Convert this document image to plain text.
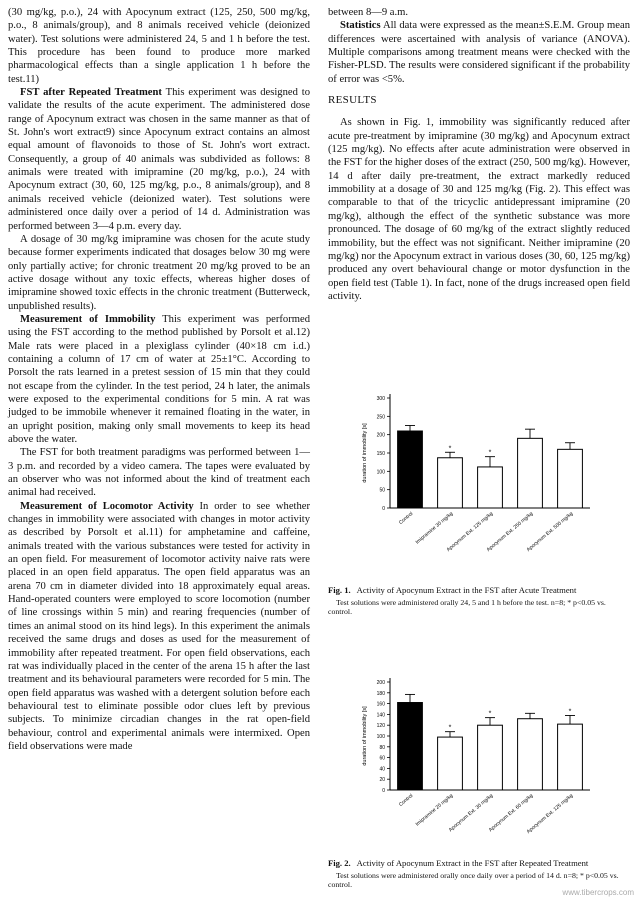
(30 mg/kg, p.o.), 24 with Apocynum extract (125, 250, 500 mg/kg, p.o., 8 animals/group), and 8 animals received vehicle (deionized water). Test solutions were administered 24, 5 and 1 h before the test. This procedure has been found to produce more marked pharmacological effects than a single application 1 h before the test.11)

FST after Repeated Treatment This experiment was designed to validate the results of the acute experiment. The administered dose range of Apocynum extract was chosen in the same manner as that of St. John's wort extract9) since Apocynum extract contains an almost equal amount of flavonoids to those of St. John's wort extract. Consequently, a group of 40 animals was subdivided as follows: 8 animals were treated with imipramine (20 mg/kg, p.o.), 24 with Apocynum extract (30, 60, 125 mg/kg, p.o., 8 animals/group), and 8 animals received vehicle (deionized water). Test solutions were administered once daily over a period of 14 d. Administration was performed between 3—4 p.m. every day.

A dosage of 30 mg/kg imipramine was chosen for the acute study because former experiments indicated that dosages below 30 mg were only partially active; for chronic treatment 20 mg/kg proved to be an active dosage without any toxic effects, whereas higher doses of imipramine showed toxic effects in the chronic treatment (Butterweck, unpublished results).

Measurement of Immobility This experiment was performed using the FST according to the method published by Porsolt et al.12) Male rats were placed in a plexiglass cylinder (40×18 cm i.d.) containing a column of 17 cm of water at 25±1°C. According to Porsolt the rats learned in a pretest session of 15 min that they could not escape from the cylinder. In the test period, 24 h later, the animals were exposed to the experimental conditions for 5 min. A rat was judged to be immobile whenever it remained floating in the water, in an upright position, making only small movements to keep its head above the water.

The FST for both treatment paradigms was performed between 1—3 p.m. and recorded by a video camera. The tapes were evaluated by an observer who was not informed about the kind of treatment each animal had received.

Measurement of Locomotor Activity In order to see whether changes in immobility were associated with changes in motor activity as described by Porsolt et al.11) for amphetamine and caffeine, animals treated with the various substances were tested for activity in an open field. For measurement of locomotor activity naive rats were placed in an open field apparatus. The open field apparatus was an arena 70 cm in diameter divided into 18 approximately equal areas. Hand-operated counters were employed to score locomotion (number of line crossings within 5 min) and rearing frequencies (number of times an animal stood on its hind legs). In this experiment the animals received the same drugs and doses as used for the measurement of immobility after repeated treatment. For open field observations, each rat was individually placed in the center of the arena 15 h after the last treatment and its behavioural parameters were recorded for 5 min. The open field apparatus was washed with a detergent solution before each behavioural test to eliminate possible odor clues left by previous subjects. To minimize circadian changes in the rat open-field behaviour, control and experimental animals were intermixed. Open field observations were made

between 8—9 a.m.

Statistics All data were expressed as the mean±S.E.M. Group mean differences were ascertained with analysis of variance (ANOVA). Multiple comparisons among treatment means were checked with the Fisher-PLSD. The results were considered significant if the probability of error was <5%.

RESULTS

As shown in Fig. 1, immobility was significantly reduced after acute pre-treatment by imipramine (30 mg/kg) and Apocynum extract (125 mg/kg). No effects after acute administration were observed in the FST for the higher doses of the extract (250, 500 mg/kg). However, 14 d after daily pre-treatment, the extract markedly reduced immobility at a dosage of 30 and 125 mg/kg (Fig. 2). This effect was comparable to that of the tricyclic antidepressant imipramine (20 mg/kg), although the effect of the synthetic substance was more pronounced. The dosage of 60 mg/kg of the extract slightly reduced immobility, but the effect was not significant. Neither imipramine (20 mg/kg) nor the Apocynum extract in various doses (30, 60, 125 mg/kg) produced any overt behavioural change or motor dysfunction in the open field test (Table 1). In fact, none of the drugs increased open field activity.

0
50
100
150
200
250
300
duration of immobility [s]
Control
*
Imipramine 30 mg/kg
*
Apocynum Ext. 125 mg/kg
Apocynum Ext. 250 mg/kg
Apocynum Ext. 500 mg/kg
Fig. 1. Activity of Apocynum Extract in the FST after Acute Treatment
Test solutions were administered orally 24, 5 and 1 h before the test. n=8; * p<0.05 vs. control.
0
20
40
60
80
100
120
140
160
180
200
duration of immobility [s]
Control
*
Imipramine 20 mg/kg
*
Apocynum Ext. 30 mg/kg
Apocynum Ext. 60 mg/kg
*
Apocynum Ext. 125 mg/kg
Fig. 2. Activity of Apocynum Extract in the FST after Repeated Treatment
Test solutions were administered orally once daily over a period of 14 d. n=8; * p<0.05 vs. control.
www.tibercrops.com
